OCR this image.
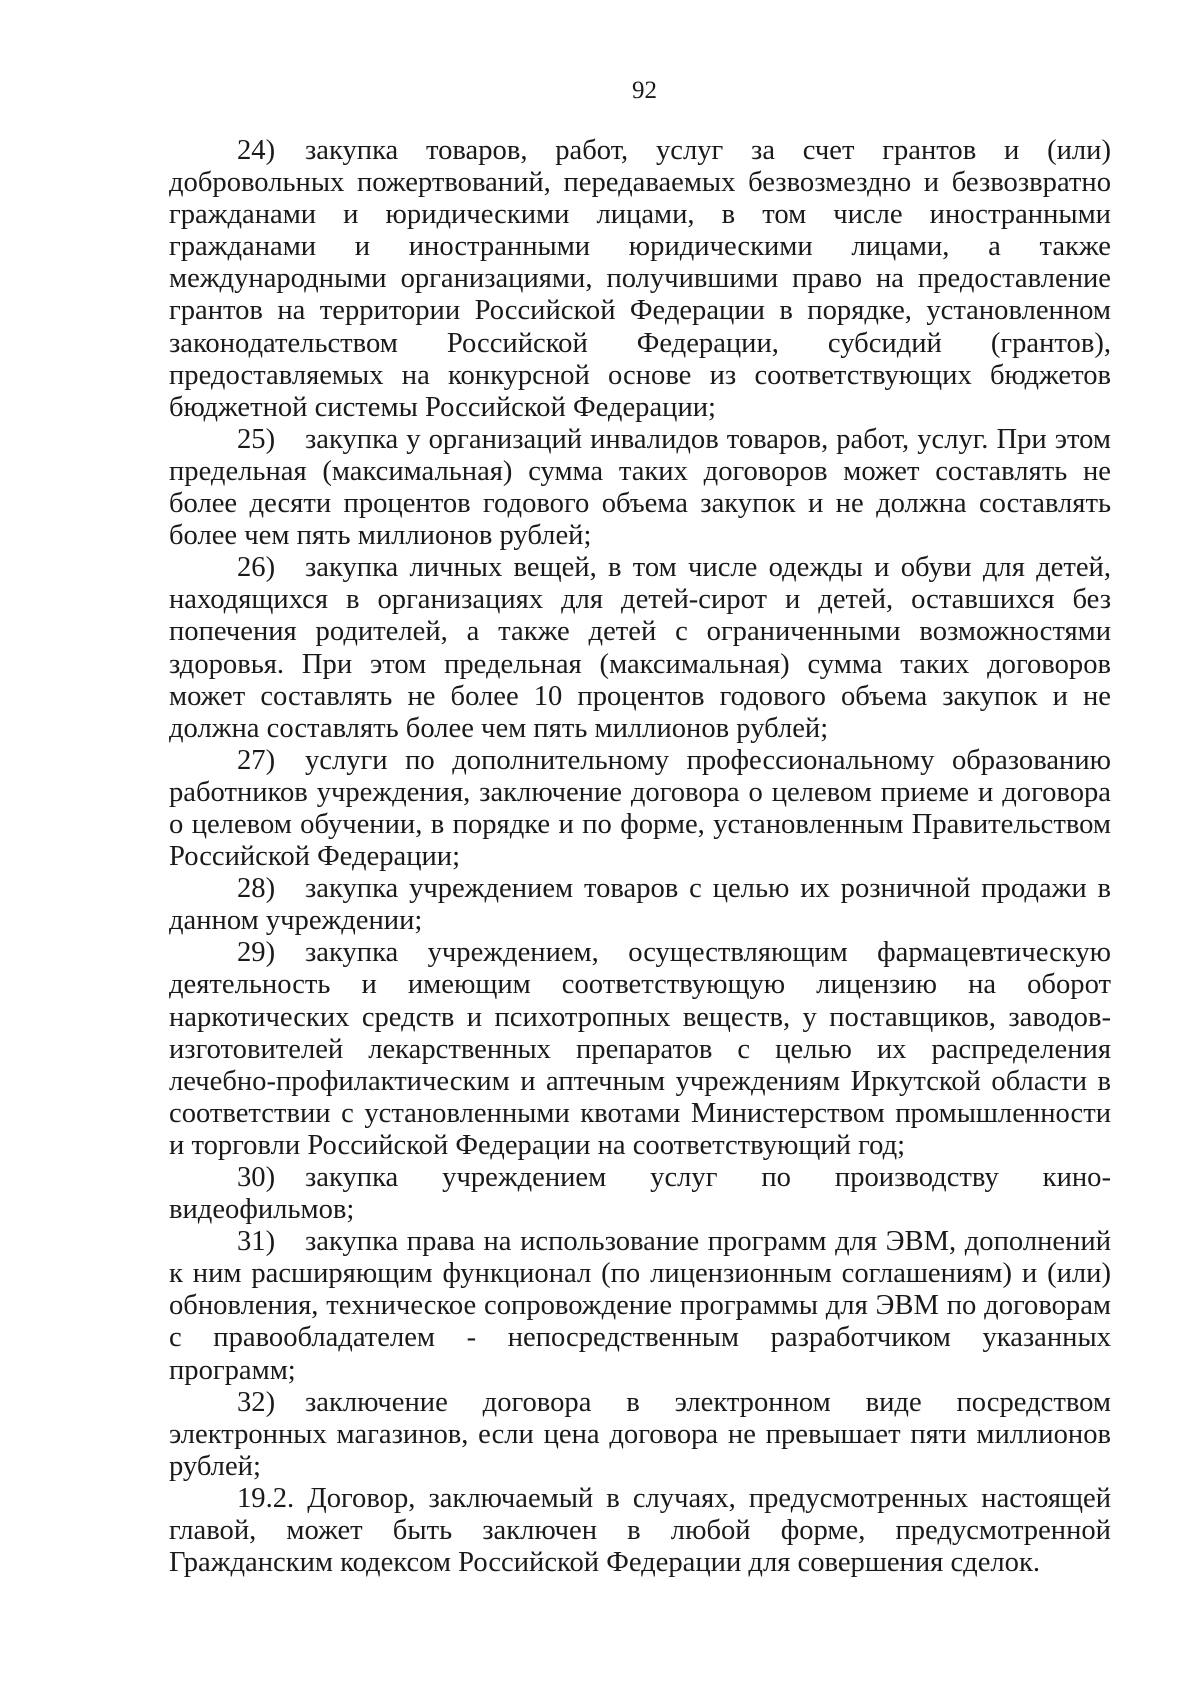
92

24) закупка товаров, работ, услуг за счет грантов и (или) добровольных пожертвований, передаваемых безвозмездно и безвозвратно гражданами и юридическими лицами, в том числе иностранными гражданами и иностранными юридическими лицами, а также международными организациями, получившими право на предоставление грантов на территории Российской Федерации в порядке, установленном законодательством Российской Федерации, субсидий (грантов), предоставляемых на конкурсной основе из соответствующих бюджетов бюджетной системы Российской Федерации;

25) закупка у организаций инвалидов товаров, работ, услуг. При этом предельная (максимальная) сумма таких договоров может составлять не более десяти процентов годового объема закупок и не должна составлять более чем пять миллионов рублей;

26) закупка личных вещей, в том числе одежды и обуви для детей, находящихся в организациях для детей-сирот и детей, оставшихся без попечения родителей, а также детей с ограниченными возможностями здоровья. При этом предельная (максимальная) сумма таких договоров может составлять не более 10 процентов годового объема закупок и не должна составлять более чем пять миллионов рублей;

27) услуги по дополнительному профессиональному образованию работников учреждения, заключение договора о целевом приеме и договора о целевом обучении, в порядке и по форме, установленным Правительством Российской Федерации;

28) закупка учреждением товаров с целью их розничной продажи в данном учреждении;

29) закупка учреждением, осуществляющим фармацевтическую деятельность и имеющим соответствующую лицензию на оборот наркотических средств и психотропных веществ, у поставщиков, заводов-изготовителей лекарственных препаратов с целью их распределения лечебно-профилактическим и аптечным учреждениям Иркутской области в соответствии с установленными квотами Министерством промышленности и торговли Российской Федерации на соответствующий год;

30) закупка учреждением услуг по производству кино-видеофильмов;

31) закупка права на использование программ для ЭВМ, дополнений к ним расширяющим функционал (по лицензионным соглашениям) и (или) обновления, техническое сопровождение программы для ЭВМ по договорам с правообладателем - непосредственным разработчиком указанных программ;

32) заключение договора в электронном виде посредством электронных магазинов, если цена договора не превышает пяти миллионов рублей;

19.2. Договор, заключаемый в случаях, предусмотренных настоящей главой, может быть заключен в любой форме, предусмотренной Гражданским кодексом Российской Федерации для совершения сделок.
